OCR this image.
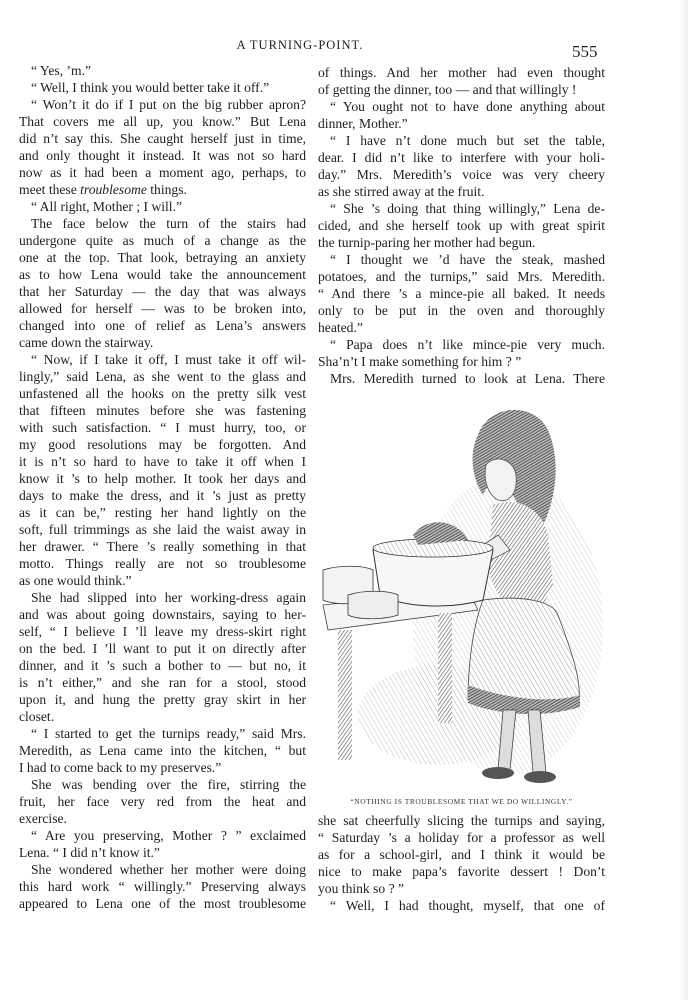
A TURNING-POINT.	555
“ Yes, ’m.”
“ Well, I think you would better take it off.”
“ Won’t it do if I put on the big rubber apron?
That covers me all up, you know.” But Lena
did n’t say this. She caught herself just in time,
and only thought it instead. It was not so hard
now as it had been a moment ago, perhaps, to
meet these troublesome things.
“ All right, Mother ; I will.”
The face below the turn of the stairs had
undergone quite as much of a change as the
one at the top. That look, betraying an anxiety
as to how Lena would take the announcement
that her Saturday — the day that was always
allowed for herself — was to be broken into,
changed into one of relief as Lena’s answers
came down the stairway.
“ Now, if I take it off, I must take it off wil-
lingly,” said Lena, as she went to the glass and
unfastened all the hooks on the pretty silk vest
that fifteen minutes before she was fastening
with such satisfaction. “ I must hurry, too, or
my good resolutions may be forgotten. And
it is n’t so hard to have to take it off when I
know it ’s to help mother. It took her days and
days to make the dress, and it ’s just as pretty
as it can be,” resting her hand lightly on the
soft, full trimmings as she laid the waist away in
her drawer. “ There ’s really something in that
motto. Things really are not so troublesome
as one would think.”
She had slipped into her working-dress again
and was about going downstairs, saying to her-
self, “ I believe I ’ll leave my dress-skirt right
on the bed. I ’ll want to put it on directly after
dinner, and it ’s such a bother to — but no, it
is n’t either,” and she ran for a stool, stood
upon it, and hung the pretty gray skirt in her
closet.
“ I started to get the turnips ready,” said Mrs.
Meredith, as Lena came into the kitchen, “ but
I had to come back to my preserves.”
She was bending over the fire, stirring the
fruit, her face very red from the heat and
exercise.
“ Are you preserving, Mother ? ” exclaimed
Lena. “ I did n’t know it.”
She wondered whether her mother were doing
this hard work “ willingly.” Preserving always
appeared to Lena one of the most troublesome
of things. And her mother had even thought
of getting the dinner, too — and that willingly !
“ You ought not to have done anything about
dinner, Mother.”
“ I have n’t done much but set the table,
dear. I did n’t like to interfere with your holi-
day.” Mrs. Meredith’s voice was very cheery
as she stirred away at the fruit.
“ She ’s doing that thing willingly,” Lena de-
cided, and she herself took up with great spirit
the turnip-paring her mother had begun.
“ I thought we ’d have the steak, mashed
potatoes, and the turnips,” said Mrs. Meredith.
“ And there ’s a mince-pie all baked. It needs
only to be put in the oven and thoroughly
heated.”
“ Papa does n’t like mince-pie very much.
Sha’n’t I make something for him ? ”
Mrs. Meredith turned to look at Lena. There
“NOTHING IS TROUBLESOME THAT WE DO WILLINGLY.”
she sat cheerfully slicing the turnips and saying,
“ Saturday ’s a holiday for a professor as well
as for a school-girl, and I think it would be
nice to make papa’s favorite dessert ! Don’t
you think so ? ”
“ Well, I had thought, myself, that one of
